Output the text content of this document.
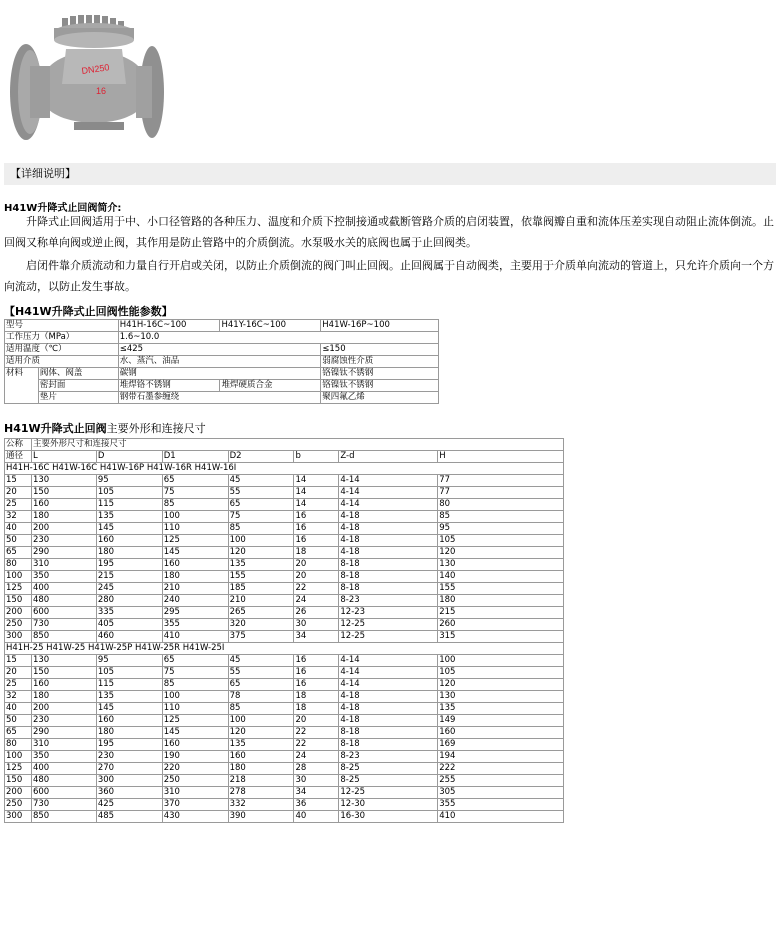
DN250
16
【详细说明】
H41W升降式止回阀简介:
  升降式止回阀适用于中、小口径管路的各种压力、温度和介质下控制接通或截断管路介质的启闭装置，依靠阀瓣自重和流体压差实现自动阻止流体倒流。止回阀又称单向阀或逆止阀，其作用是防止管路中的介质倒流。水泵吸水关的底阀也属于止回阀类。
  启闭件靠介质流动和力量自行开启或关闭，以防止介质倒流的阀门叫止回阀。止回阀属于自动阀类，主要用于介质单向流动的管道上，只允许介质向一个方向流动，以防止发生事故。
【H41W升降式止回阀性能参数】
型号		H41H-16C~100	H41Y-16C~100	H41W-16P~100
工作压力（MPa）		1.6~10.0		
适用温度（℃）		≤425		≤150
适用介质		水、蒸汽、油品		弱腐蚀性介质
材料	阀体、阀盖	碳钢		铬镍钛不锈钢
	密封面	堆焊铬不锈钢	堆焊硬质合金	铬镍钛不锈钢
	垫片	钢带石墨参缠绕		聚四氟乙烯
H41W升降式止回阀主要外形和连接尺寸
公称	主要外形尺寸和连接尺寸						
通径	L	D	D1	D2	b	Z-d	H
H41H-16C H41W-16C H41W-16P H41W-16R H41W-16I							
15	130	95	65	45	14	4-14	77
20	150	105	75	55	14	4-14	77
25	160	115	85	65	14	4-14	80
32	180	135	100	75	16	4-18	85
40	200	145	110	85	16	4-18	95
50	230	160	125	100	16	4-18	105
65	290	180	145	120	18	4-18	120
80	310	195	160	135	20	8-18	130
100	350	215	180	155	20	8-18	140
125	400	245	210	185	22	8-18	155
150	480	280	240	210	24	8-23	180
200	600	335	295	265	26	12-23	215
250	730	405	355	320	30	12-25	260
300	850	460	410	375	34	12-25	315
H41H-25 H41W-25 H41W-25P H41W-25R H41W-25I							
15	130	95	65	45	16	4-14	100
20	150	105	75	55	16	4-14	105
25	160	115	85	65	16	4-14	120
32	180	135	100	78	18	4-18	130
40	200	145	110	85	18	4-18	135
50	230	160	125	100	20	4-18	149
65	290	180	145	120	22	8-18	160
80	310	195	160	135	22	8-18	169
100	350	230	190	160	24	8-23	194
125	400	270	220	180	28	8-25	222
150	480	300	250	218	30	8-25	255
200	600	360	310	278	34	12-25	305
250	730	425	370	332	36	12-30	355
300	850	485	430	390	40	16-30	410
